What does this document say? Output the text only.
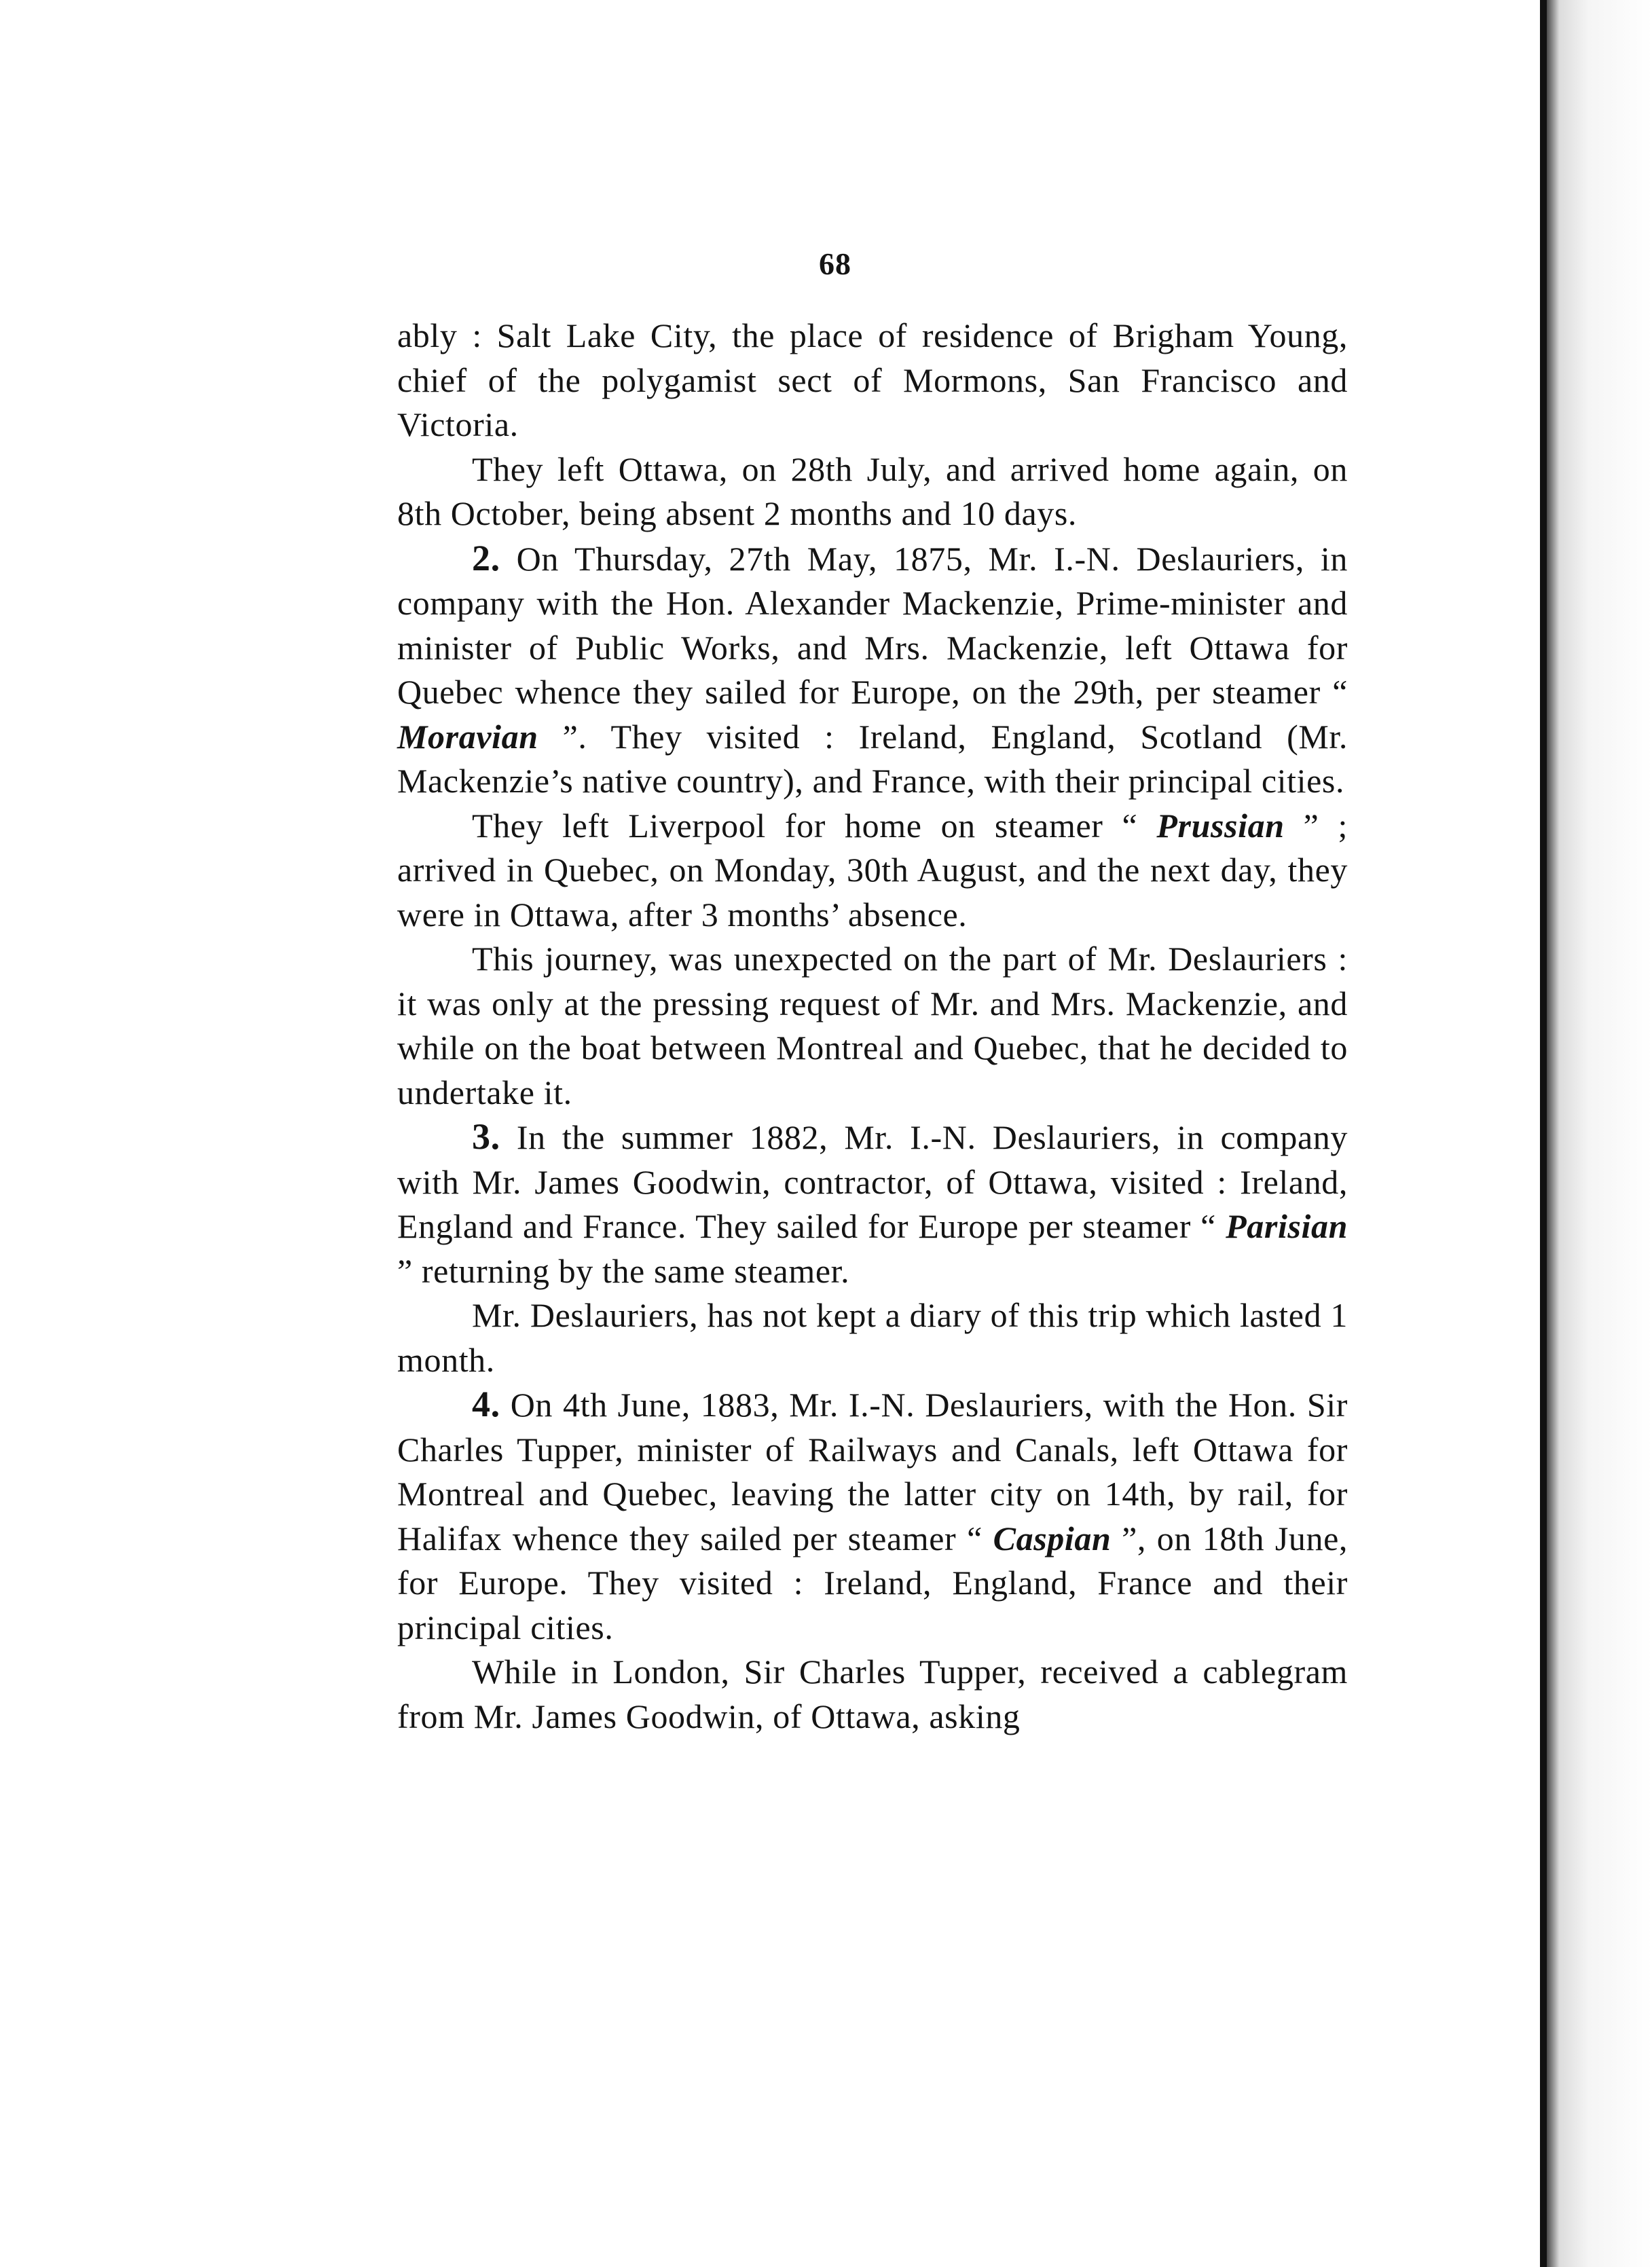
68

ably : Salt Lake City, the place of residence of Brigham Young, chief of the polygamist sect of Mormons, San Francisco and Victoria.

They left Ottawa, on 28th July, and arrived home again, on 8th October, being absent 2 months and 10 days.

2. On Thursday, 27th May, 1875, Mr. I.-N. Deslauriers, in company with the Hon. Alexander Mackenzie, Prime-minister and minister of Public Works, and Mrs. Mackenzie, left Ottawa for Quebec whence they sailed for Europe, on the 29th, per steamer “ Moravian ”. They visited : Ireland, England, Scotland (Mr. Mackenzie’s native country), and France, with their principal cities.

They left Liverpool for home on steamer “ Prussian ” ; arrived in Quebec, on Monday, 30th August, and the next day, they were in Ottawa, after 3 months’ absence.

This journey, was unexpected on the part of Mr. Deslauriers : it was only at the pressing request of Mr. and Mrs. Mackenzie, and while on the boat between Montreal and Quebec, that he decided to undertake it.

3. In the summer 1882, Mr. I.-N. Deslauriers, in company with Mr. James Goodwin, contractor, of Ottawa, visited : Ireland, England and France. They sailed for Europe per steamer “ Parisian ” returning by the same steamer.

Mr. Deslauriers, has not kept a diary of this trip which lasted 1 month.

4. On 4th June, 1883, Mr. I.-N. Deslauriers, with the Hon. Sir Charles Tupper, minister of Railways and Canals, left Ottawa for Montreal and Quebec, leaving the latter city on 14th, by rail, for Halifax whence they sailed per steamer “ Caspian ”, on 18th June, for Europe. They visited : Ireland, England, France and their principal cities.

While in London, Sir Charles Tupper, received a cablegram from Mr. James Goodwin, of Ottawa, asking
